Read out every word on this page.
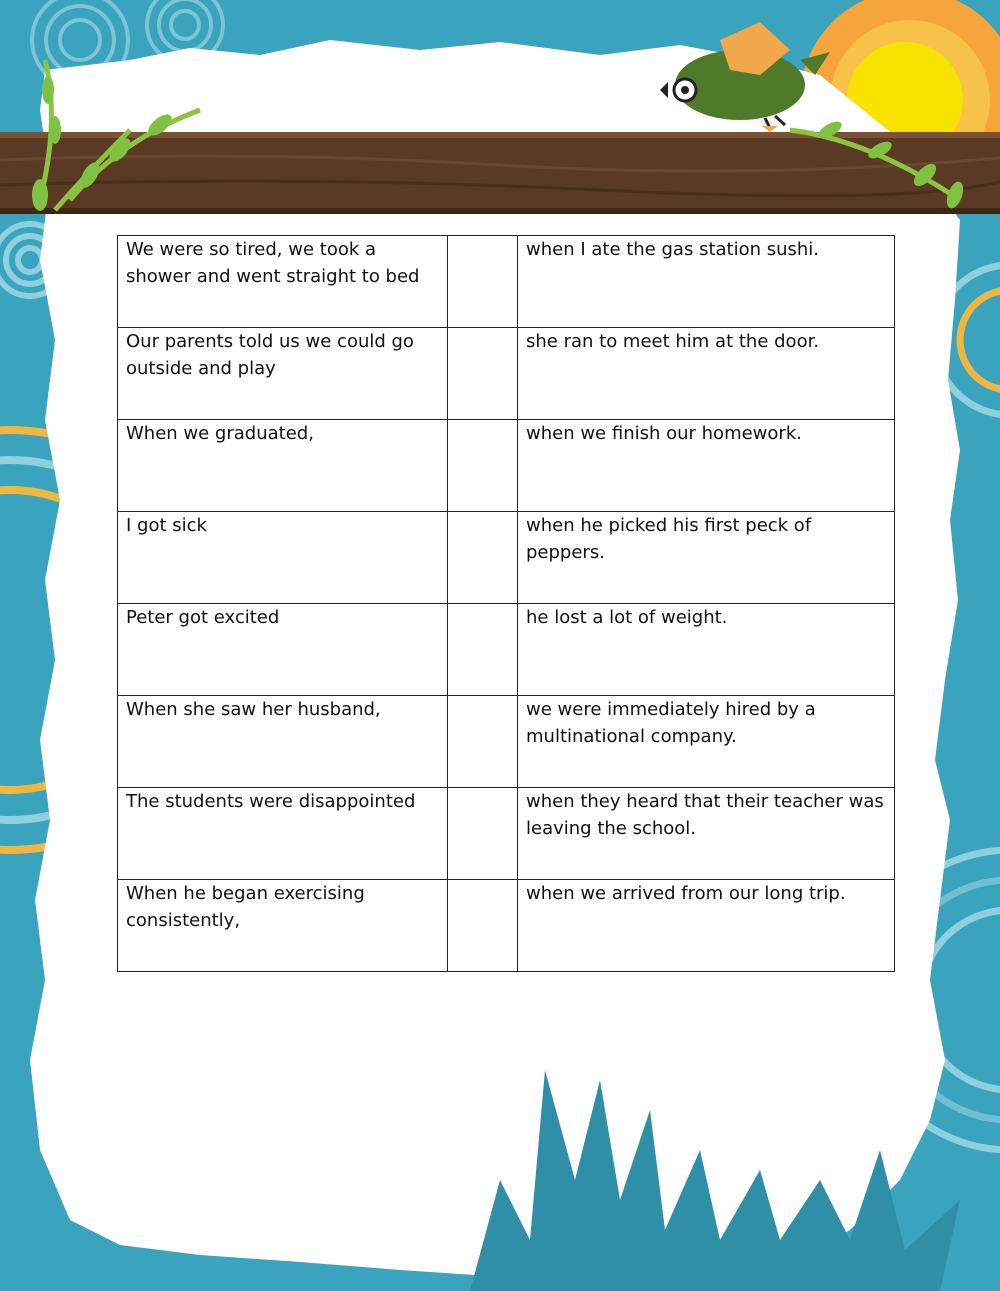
We were so tired, we took a shower and went straight to bed		when I ate the gas station sushi.
Our parents told us we could go outside and play		she ran to meet him at the door.
When we graduated,		when we finish our homework.
I got sick		when he picked his first peck of peppers.
Peter got excited		he lost a lot of weight.
When she saw her husband,		we were immediately hired by a multinational company.
The students were disappointed		when they heard that their teacher was leaving the school.
When he began exercising consistently,		when we arrived from our long trip.
